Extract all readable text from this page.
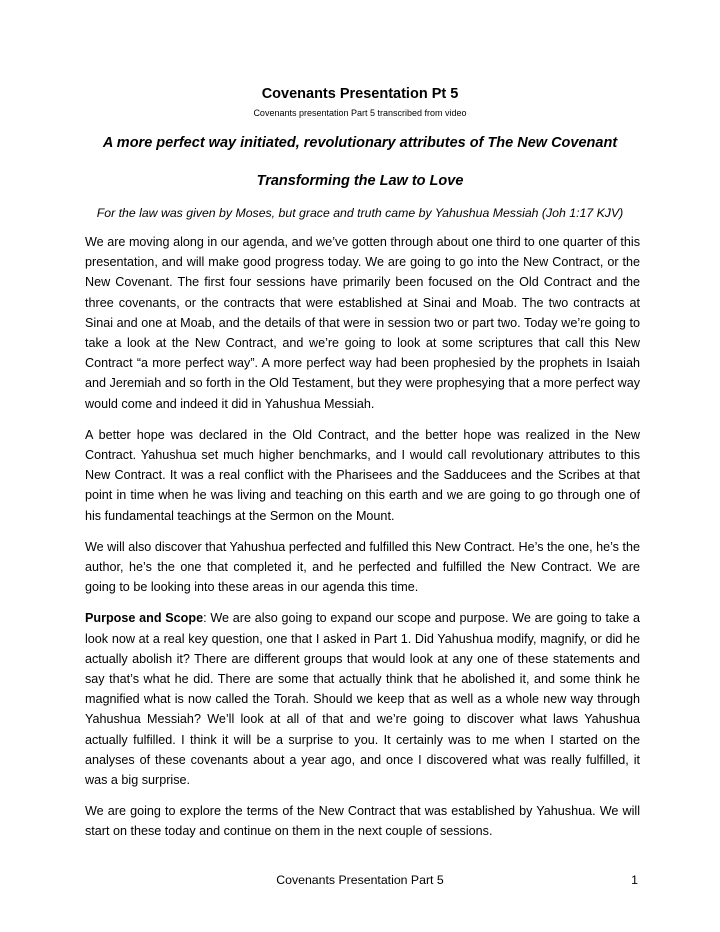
Covenants Presentation Pt 5
Covenants presentation Part 5 transcribed from video
A more perfect way initiated, revolutionary attributes of The New Covenant
Transforming the Law to Love
For the law was given by Moses, but grace and truth came by Yahushua Messiah (Joh 1:17 KJV)

We are moving along in our agenda, and we’ve gotten through about one third to one quarter of this presentation, and will make good progress today. We are going to go into the New Contract, or the New Covenant. The first four sessions have primarily been focused on the Old Contract and the three covenants, or the contracts that were established at Sinai and Moab. The two contracts at Sinai and one at Moab, and the details of that were in session two or part two. Today we’re going to take a look at the New Contract, and we’re going to look at some scriptures that call this New Contract “a more perfect way”. A more perfect way had been prophesied by the prophets in Isaiah and Jeremiah and so forth in the Old Testament, but they were prophesying that a more perfect way would come and indeed it did in Yahushua Messiah.

A better hope was declared in the Old Contract, and the better hope was realized in the New Contract. Yahushua set much higher benchmarks, and I would call revolutionary attributes to this New Contract. It was a real conflict with the Pharisees and the Sadducees and the Scribes at that point in time when he was living and teaching on this earth and we are going to go through one of his fundamental teachings at the Sermon on the Mount.

We will also discover that Yahushua perfected and fulfilled this New Contract. He’s the one, he’s the author, he’s the one that completed it, and he perfected and fulfilled the New Contract. We are going to be looking into these areas in our agenda this time.

Purpose and Scope: We are also going to expand our scope and purpose. We are going to take a look now at a real key question, one that I asked in Part 1. Did Yahushua modify, magnify, or did he actually abolish it? There are different groups that would look at any one of these statements and say that’s what he did. There are some that actually think that he abolished it, and some think he magnified what is now called the Torah. Should we keep that as well as a whole new way through Yahushua Messiah? We’ll look at all of that and we’re going to discover what laws Yahushua actually fulfilled. I think it will be a surprise to you. It certainly was to me when I started on the analyses of these covenants about a year ago, and once I discovered what was really fulfilled, it was a big surprise.

We are going to explore the terms of the New Contract that was established by Yahushua. We will start on these today and continue on them in the next couple of sessions.

Covenants Presentation Part 5	1
